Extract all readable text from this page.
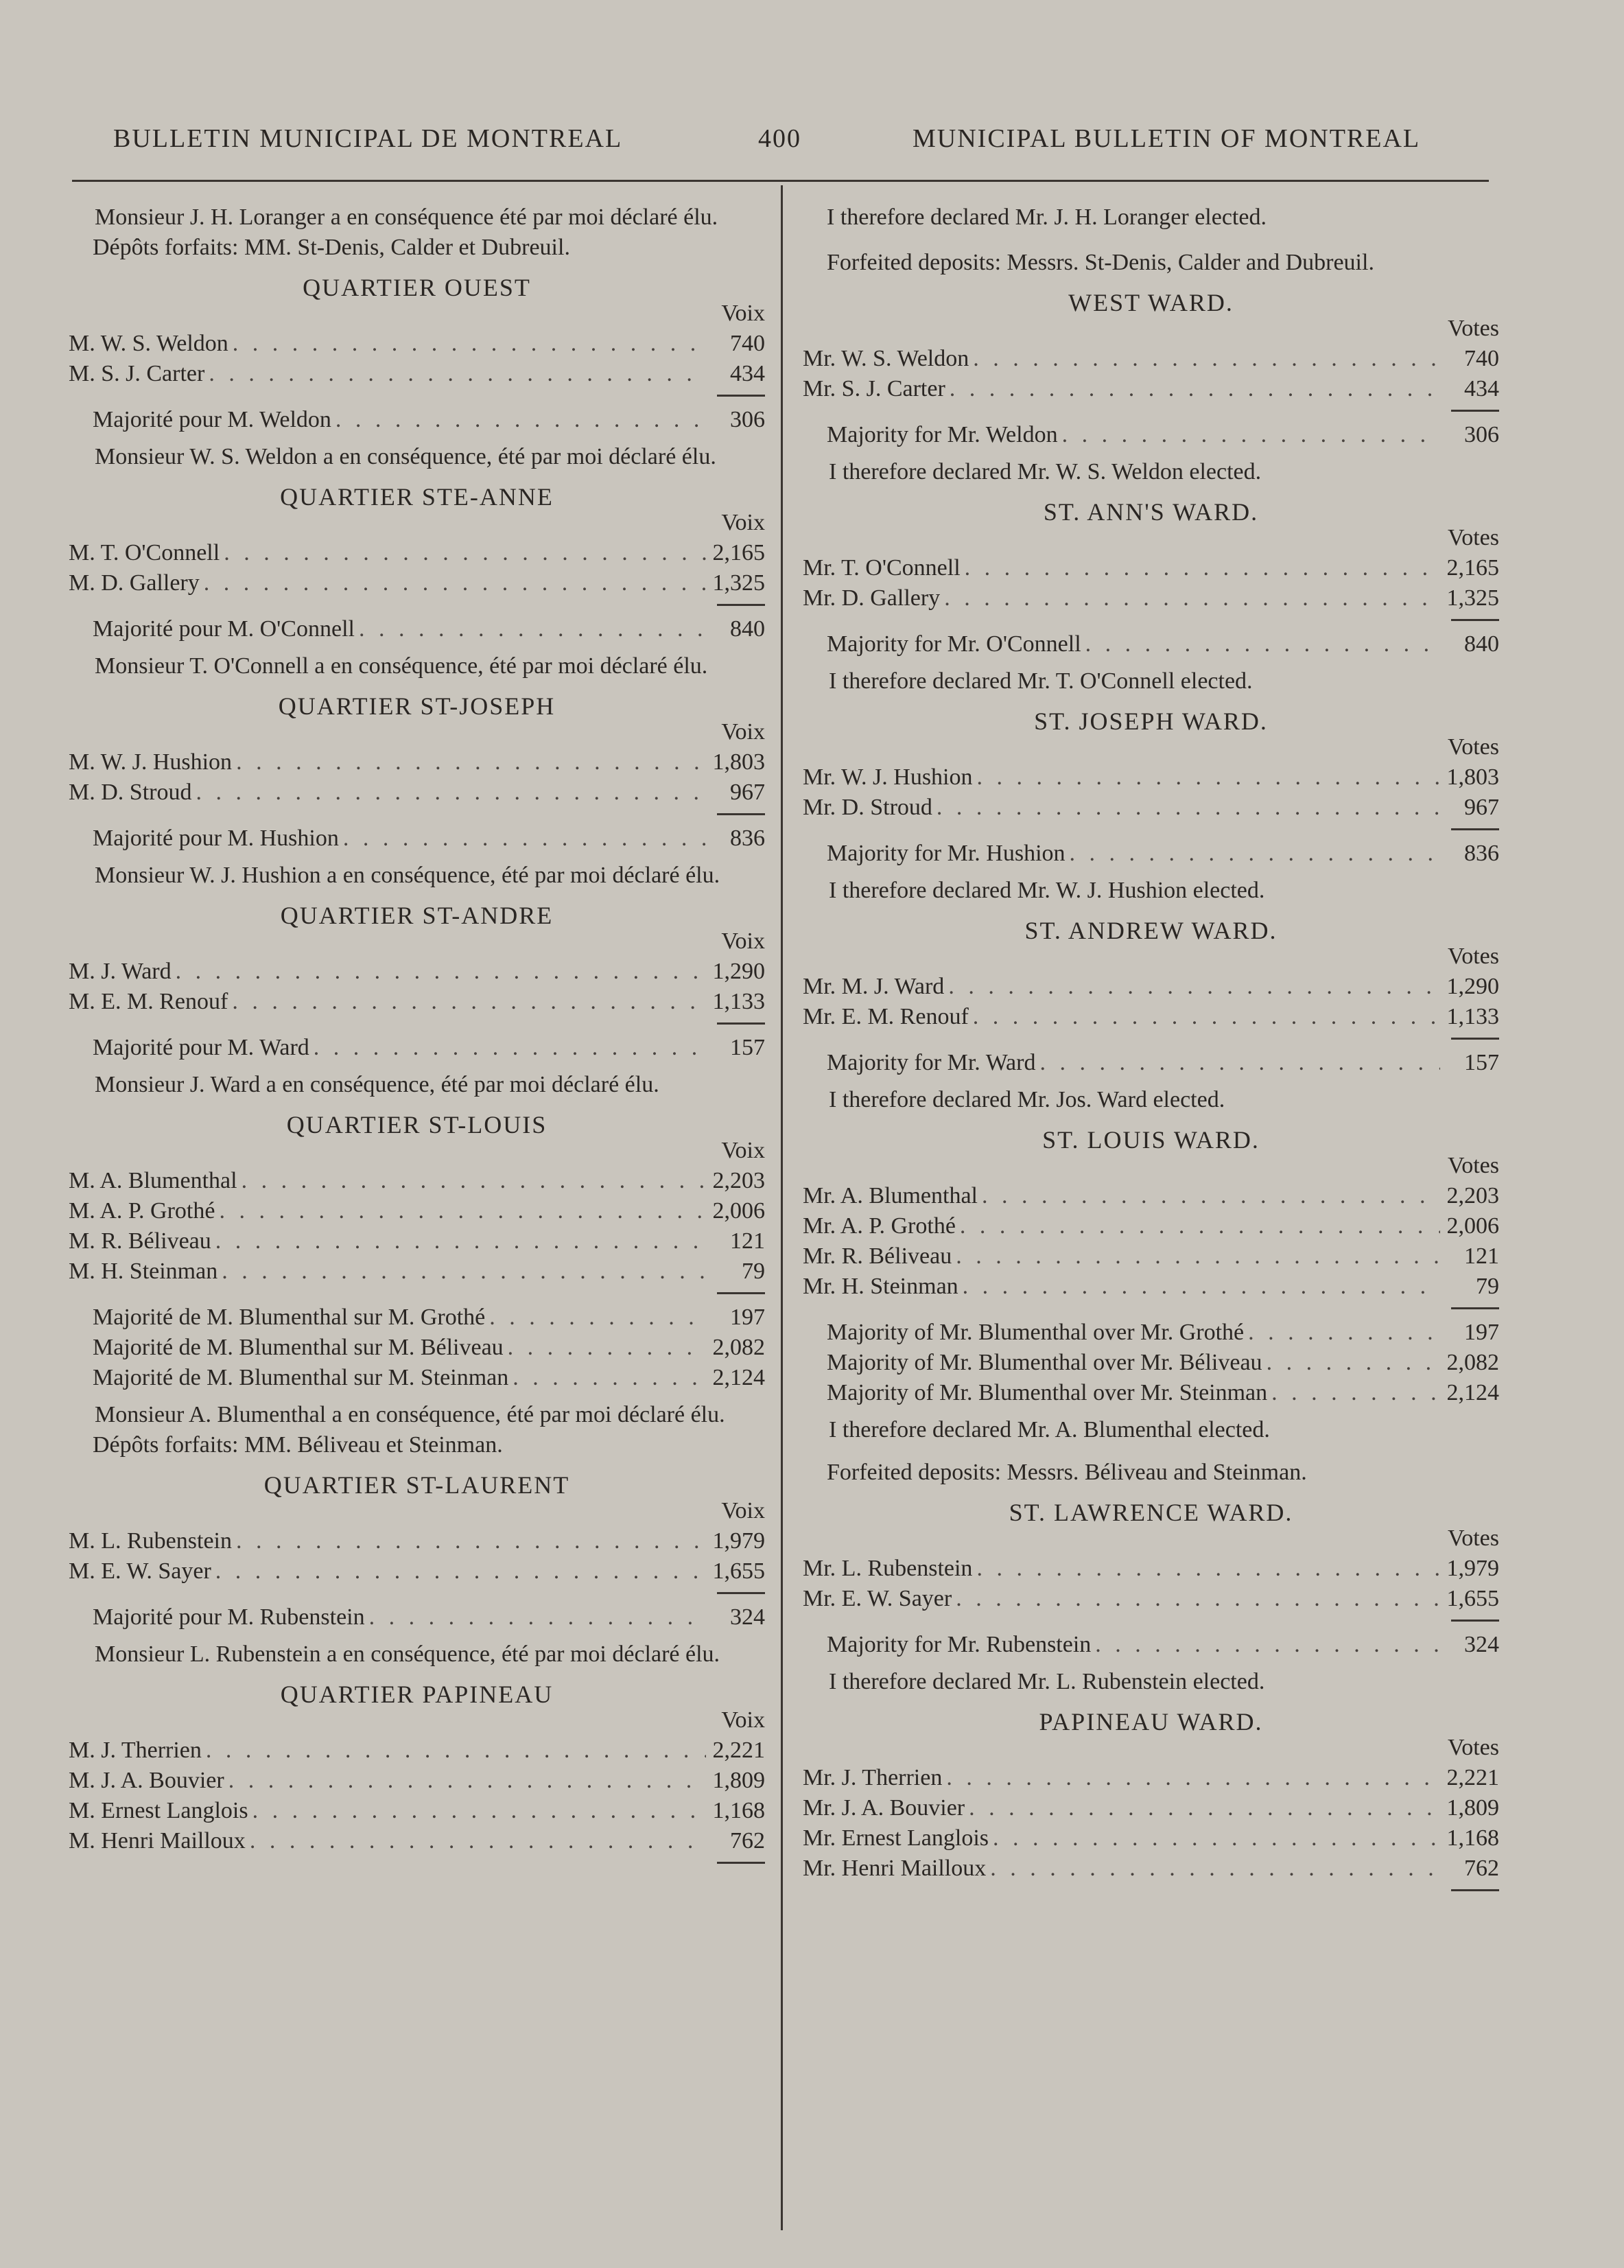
BULLETIN MUNICIPAL DE MONTREAL	400	MUNICIPAL BULLETIN OF MONTREAL

Monsieur J. H. Loranger a en conséquence été par moi déclaré élu.

Dépôts forfaits: MM. St-Denis, Calder et Dubreuil.

QUARTIER OUEST
Voix
M. W. S. Weldon . . .	740
M. S. J. Carter . . .	434
Majorité pour M. Weldon . . .	306

Monsieur W. S. Weldon a en conséquence, été par moi déclaré élu.

QUARTIER STE-ANNE
Voix
M. T. O'Connell . . .	2,165
M. D. Gallery . . .	1,325
Majorité pour M. O'Connell . . .	840

Monsieur T. O'Connell a en conséquence, été par moi déclaré élu.

QUARTIER ST-JOSEPH
Voix
M. W. J. Hushion . . .	1,803
M. D. Stroud . . .	967
Majorité pour M. Hushion . . .	836

Monsieur W. J. Hushion a en conséquence, été par moi déclaré élu.

QUARTIER ST-ANDRE
Voix
M. J. Ward . . .	1,290
M. E. M. Renouf . . .	1,133
Majorité pour M. Ward . . .	157

Monsieur J. Ward a en conséquence, été par moi déclaré élu.

QUARTIER ST-LOUIS
Voix
M. A. Blumenthal . . .	2,203
M. A. P. Grothé . . .	2,006
M. R. Béliveau . . .	121
M. H. Steinman . . .	79
Majorité de M. Blumenthal sur M. Grothé . . .	197
Majorité de M. Blumenthal sur M. Béliveau . . .	2,082
Majorité de M. Blumenthal sur M. Steinman . . .	2,124

Monsieur A. Blumenthal a en conséquence, été par moi déclaré élu.

Dépôts forfaits: MM. Béliveau et Steinman.

QUARTIER ST-LAURENT
Voix
M. L. Rubenstein . . .	1,979
M. E. W. Sayer . . .	1,655
Majorité pour M. Rubenstein . . .	324

Monsieur L. Rubenstein a en conséquence, été par moi déclaré élu.

QUARTIER PAPINEAU
Voix
M. J. Therrien . . .	2,221
M. J. A. Bouvier . . .	1,809
M. Ernest Langlois . . .	1,168
M. Henri Mailloux . . .	762

I therefore declared Mr. J. H. Loranger elected.

Forfeited deposits: Messrs. St-Denis, Calder and Dubreuil.

WEST WARD.
Votes
Mr. W. S. Weldon . . .	740
Mr. S. J. Carter . . .	434
Majority for Mr. Weldon . . .	306

I therefore declared Mr. W. S. Weldon elected.

ST. ANN'S WARD.
Votes
Mr. T. O'Connell . . .	2,165
Mr. D. Gallery . . .	1,325
Majority for Mr. O'Connell . . .	840

I therefore declared Mr. T. O'Connell elected.

ST. JOSEPH WARD.
Votes
Mr. W. J. Hushion . . .	1,803
Mr. D. Stroud . . .	967
Majority for Mr. Hushion . . .	836

I therefore declared Mr. W. J. Hushion elected.

ST. ANDREW WARD.
Votes
Mr. M. J. Ward . . .	1,290
Mr. E. M. Renouf . . .	1,133
Majority for Mr. Ward . . .	157

I therefore declared Mr. Jos. Ward elected.

ST. LOUIS WARD.
Votes
Mr. A. Blumenthal . . .	2,203
Mr. A. P. Grothé . . .	2,006
Mr. R. Béliveau . . .	121
Mr. H. Steinman . . .	79
Majority of Mr. Blumenthal over Mr. Grothé . . .	197
Majority of Mr. Blumenthal over Mr. Béliveau . . .	2,082
Majority of Mr. Blumenthal over Mr. Steinman . . .	2,124

I therefore declared Mr. A. Blumenthal elected.

Forfeited deposits: Messrs. Béliveau and Steinman.

ST. LAWRENCE WARD.
Votes
Mr. L. Rubenstein . . .	1,979
Mr. E. W. Sayer . . .	1,655
Majority for Mr. Rubenstein . . .	324

I therefore declared Mr. L. Rubenstein elected.

PAPINEAU WARD.
Votes
Mr. J. Therrien . . .	2,221
Mr. J. A. Bouvier . . .	1,809
Mr. Ernest Langlois . . .	1,168
Mr. Henri Mailloux . . .	762
